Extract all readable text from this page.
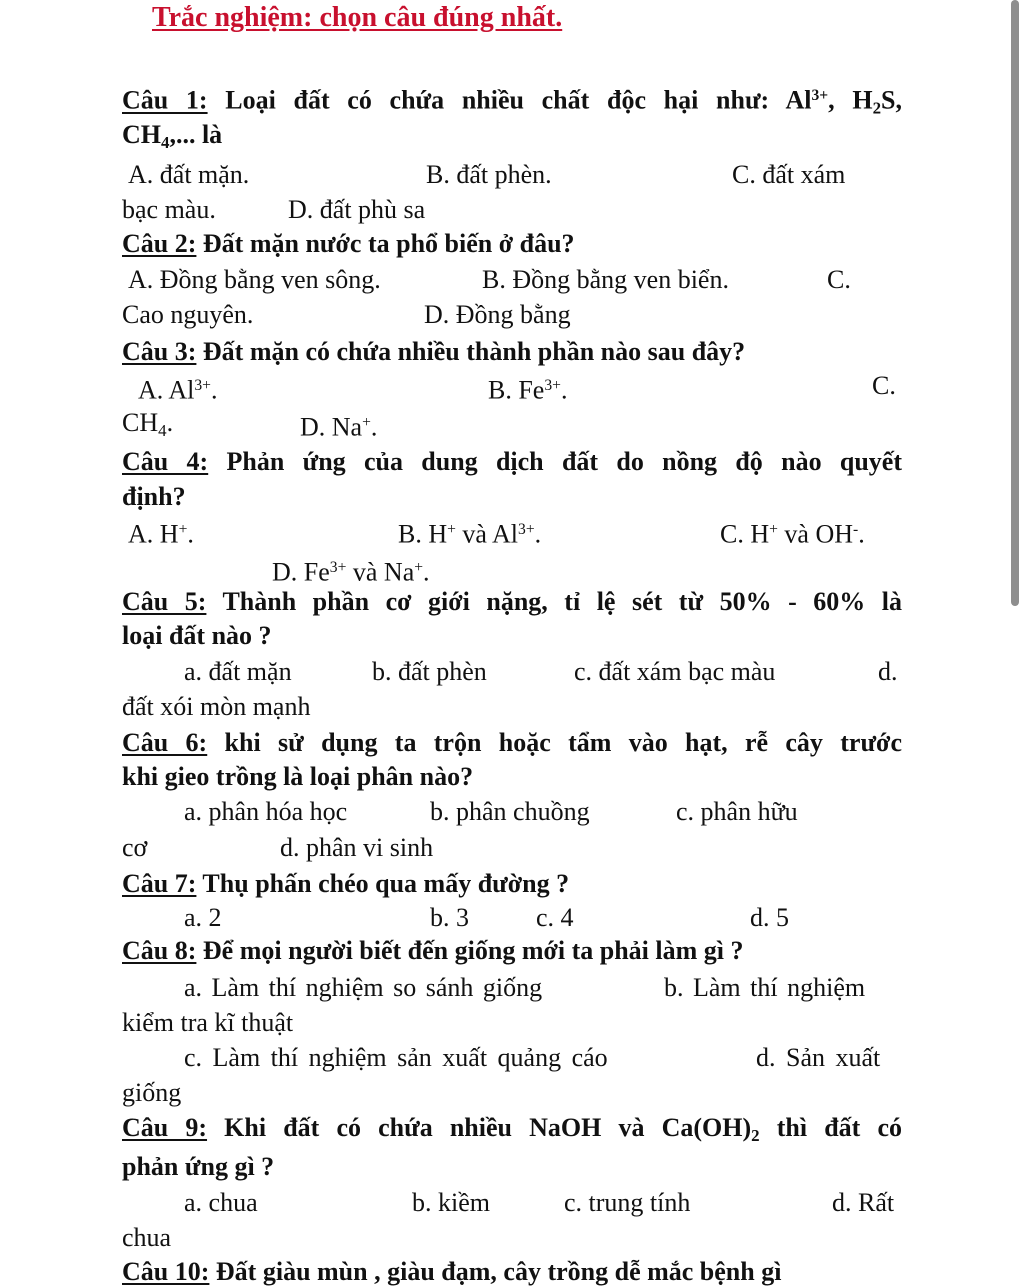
Trắc nghiệm: chọn câu đúng nhất.
Câu 1: Loại đất có chứa nhiều chất độc hại như: $Al^{3+}$, $H_2S$,
$CH_4$,... là
A. đất mặn.	B. đất phèn.	C. đất xám
bạc màu.	D. đất phù sa
Câu 2: Đất mặn nước ta phổ biến ở đâu?
A. Đồng bằng ven sông.	B. Đồng bằng ven biển.	C.
Cao nguyên.	D. Đồng bằng
Câu 3: Đất mặn có chứa nhiều thành phần nào sau đây?
A. $Al^{3+}$.	B. $Fe^{3+}$.	C.
$CH_4$.	D. Na+.
Câu 4: Phản ứng của dung dịch đất do nồng độ nào quyết
định?
A. H+.	B. H+ và $Al^{3+}$.	C. H+ và OH-.
D. $Fe^{3+}$ và Na+.
Câu 5: Thành phần cơ giới nặng, tỉ lệ sét từ 50% - 60% là
loại đất nào ?
a. đất mặn	b. đất phèn	c. đất xám bạc màu	d.
đất xói mòn mạnh
Câu 6: khi sử dụng ta trộn hoặc tẩm vào hạt, rễ cây trước
khi gieo trồng là loại phân nào?
a. phân hóa học	b. phân chuồng	c. phân hữu
cơ	d. phân vi sinh
Câu 7: Thụ phấn chéo qua mấy đường ?
a. 2	b. 3	c. 4	d. 5
Câu 8: Để mọi người biết đến giống mới ta phải làm gì ?
a. Làm thí nghiệm so sánh giống	b. Làm thí nghiệm
kiểm tra kĩ thuật
c. Làm thí nghiệm sản xuất quảng cáo	d. Sản xuất
giống
Câu 9: Khi đất có chứa nhiều NaOH và $Ca(OH)_2$ thì đất có
phản ứng gì ?
a. chua	b. kiềm	c. trung tính	d. Rất
chua
Câu 10: Đất giàu mùn , giàu đạm, cây trồng dễ mắc bệnh gì
